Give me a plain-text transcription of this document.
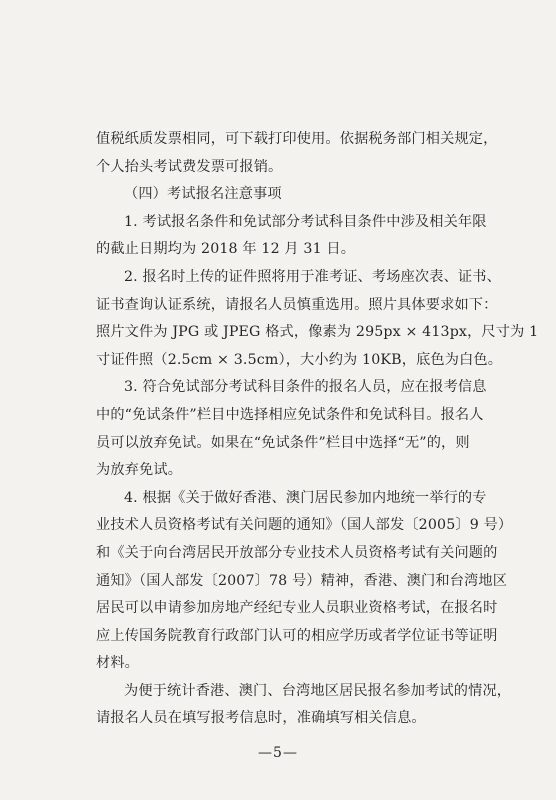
值税纸质发票相同，可下载打印使用。依据税务部门相关规定，
个人抬头考试费发票可报销。
（四）考试报名注意事项
1. 考试报名条件和免试部分考试科目条件中涉及相关年限
的截止日期均为 2018 年 12 月 31 日。
2. 报名时上传的证件照将用于准考证、考场座次表、证书、
证书查询认证系统，请报名人员慎重选用。照片具体要求如下：
照片文件为 JPG 或 JPEG 格式，像素为 295px × 413px，尺寸为 1
寸证件照（2.5cm × 3.5cm），大小约为 10KB，底色为白色。
3. 符合免试部分考试科目条件的报名人员，应在报考信息
中的“免试条件”栏目中选择相应免试条件和免试科目。报名人
员可以放弃免试。如果在“免试条件”栏目中选择“无”的，则
为放弃免试。
4. 根据《关于做好香港、澳门居民参加内地统一举行的专
业技术人员资格考试有关问题的通知》（国人部发〔2005〕9 号）
和《关于向台湾居民开放部分专业技术人员资格考试有关问题的
通知》（国人部发〔2007〕78 号）精神，香港、澳门和台湾地区
居民可以申请参加房地产经纪专业人员职业资格考试，在报名时
应上传国务院教育行政部门认可的相应学历或者学位证书等证明
材料。
为便于统计香港、澳门、台湾地区居民报名参加考试的情况，
请报名人员在填写报考信息时，准确填写相关信息。
—5—
